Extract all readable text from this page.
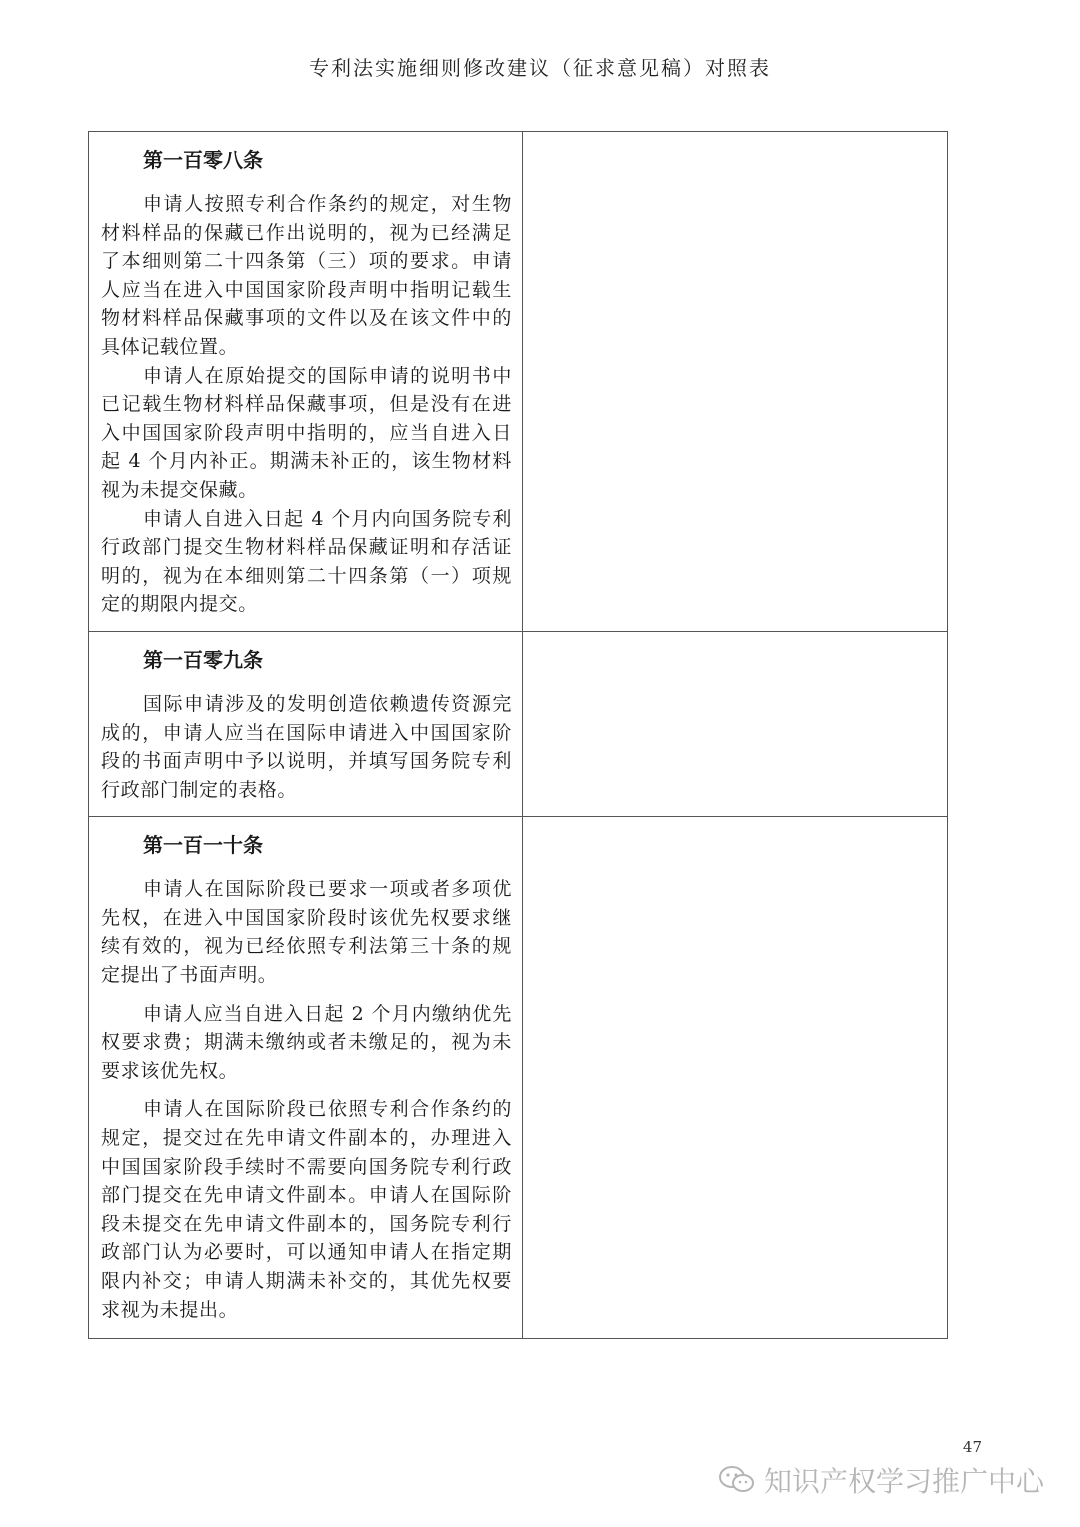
专利法实施细则修改建议（征求意见稿）对照表
第一百零八条

申请人按照专利合作条约的规定，对生物材料样品的保藏已作出说明的，视为已经满足了本细则第二十四条第（三）项的要求。申请人应当在进入中国国家阶段声明中指明记载生物材料样品保藏事项的文件以及在该文件中的具体记载位置。

申请人在原始提交的国际申请的说明书中已记载生物材料样品保藏事项，但是没有在进入中国国家阶段声明中指明的，应当自进入日起 4 个月内补正。期满未补正的，该生物材料视为未提交保藏。

申请人自进入日起 4 个月内向国务院专利行政部门提交生物材料样品保藏证明和存活证明的，视为在本细则第二十四条第（一）项规定的期限内提交。	

第一百零九条

国际申请涉及的发明创造依赖遗传资源完成的，申请人应当在国际申请进入中国国家阶段的书面声明中予以说明，并填写国务院专利行政部门制定的表格。	

第一百一十条

申请人在国际阶段已要求一项或者多项优先权，在进入中国国家阶段时该优先权要求继续有效的，视为已经依照专利法第三十条的规定提出了书面声明。

申请人应当自进入日起 2 个月内缴纳优先权要求费；期满未缴纳或者未缴足的，视为未要求该优先权。

申请人在国际阶段已依照专利合作条约的规定，提交过在先申请文件副本的，办理进入中国国家阶段手续时不需要向国务院专利行政部门提交在先申请文件副本。申请人在国际阶段未提交在先申请文件副本的，国务院专利行政部门认为必要时，可以通知申请人在指定期限内补交；申请人期满未补交的，其优先权要求视为未提出。	

47
知识产权学习推广中心
